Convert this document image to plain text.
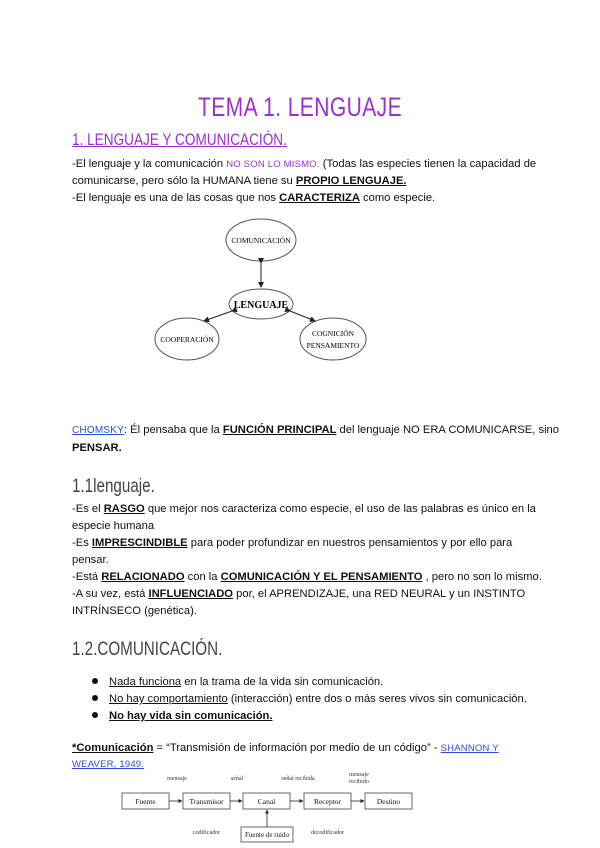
TEMA 1. LENGUAJE
1. LENGUAJE Y COMUNICACIÓN.
-El lenguaje y la comunicación NO SON LO MISMO. (Todas las especies tienen la capacidad de
comunicarse, pero sólo la HUMANA tiene su PROPIO LENGUAJE.
-El lenguaje es una de las cosas que nos CARACTERIZA como especie.
COMUNICACIÓN
LENGUAJE
COOPERACIÓN
COGNICIÓN
PENSAMIENTO
CHOMSKY: Él pensaba que la FUNCIÓN PRINCIPAL del lenguaje NO ERA COMUNICARSE, sino
PENSAR.
1.1lenguaje.
-Es el RASGO que mejor nos caracteriza como especie, el uso de las palabras es único en la
especie humana
-Es IMPRESCINDIBLE para poder profundizar en nuestros pensamientos y por ello para
pensar.
-Está RELACIONADO con la COMUNICACIÓN Y EL PENSAMIENTO , pero no son lo mismo.
-A su vez, está INFLUENCIADO por, el APRENDIZAJE, una RED NEURAL y un INSTINTO
INTRÍNSECO (genética).
1.2.COMUNICACIÓN.
Nada funciona en la trama de la vida sin comunicación.
No hay comportamiento (interacción) entre dos o más seres vivos sin comunicación.
No hay vida sin comunicación.
*Comunicación = “Transmisión de información por medio de un código” - SHANNON Y
WEAVER, 1949.
mensaje	señal	señal recibida
mensaje
recibido
Fuente	Transmisor	Canal	Receptor	Destino
Fuente de ruido
codificador	decodificador
